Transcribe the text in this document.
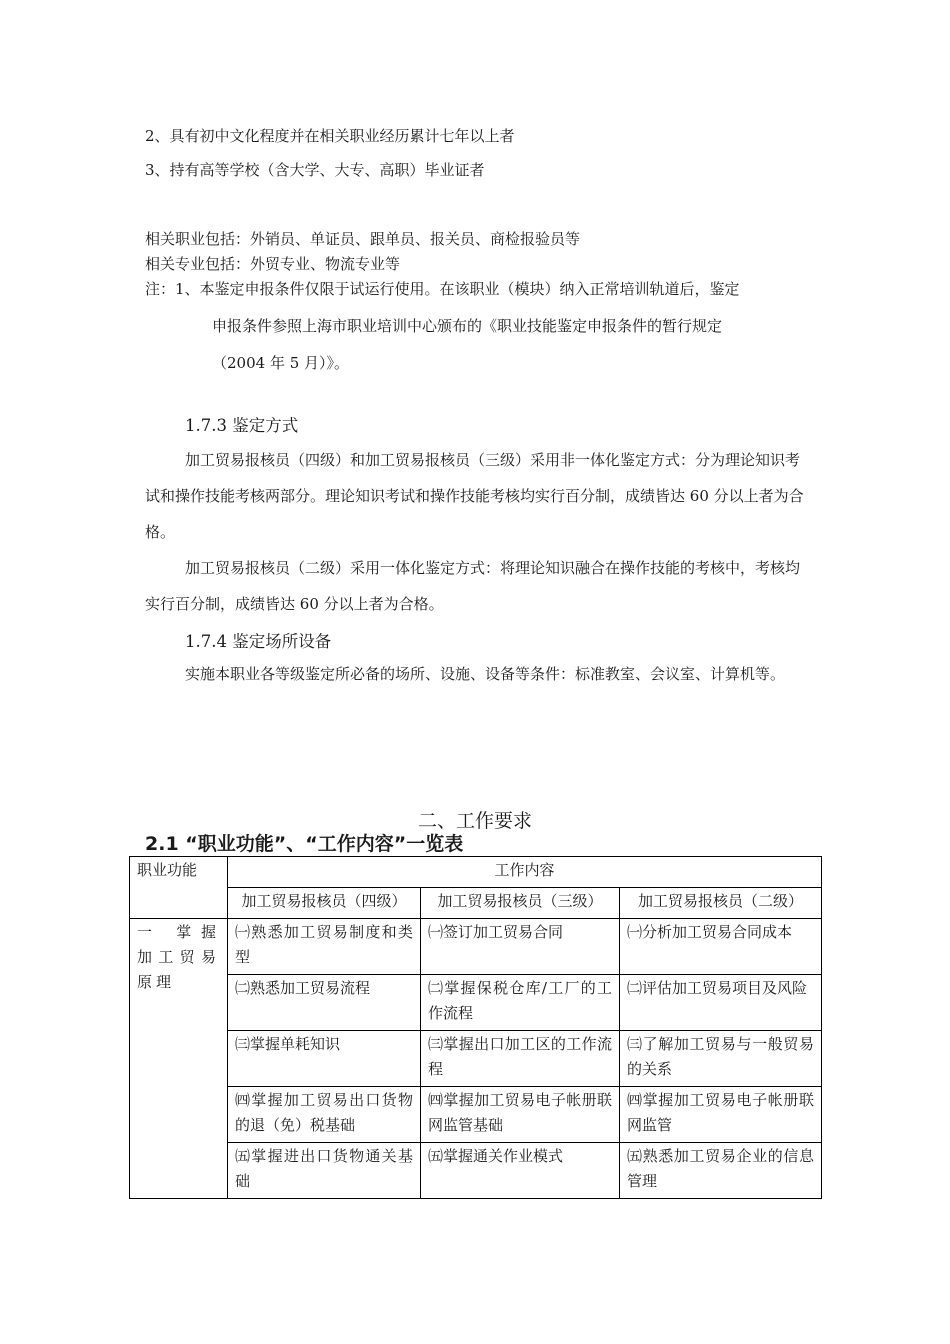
2、具有初中文化程度并在相关职业经历累计七年以上者
3、持有高等学校（含大学、大专、高职）毕业证者
相关职业包括：外销员、单证员、跟单员、报关员、商检报验员等
相关专业包括：外贸专业、物流专业等
注：1、本鉴定申报条件仅限于试运行使用。在该职业（模块）纳入正常培训轨道后，鉴定
申报条件参照上海市职业培训中心颁布的《职业技能鉴定申报条件的暂行规定
（2004 年 5 月）》。
1.7.3 鉴定方式
加工贸易报核员（四级）和加工贸易报核员（三级）采用非一体化鉴定方式：分为理论知识考试和操作技能考核两部分。理论知识考试和操作技能考核均实行百分制，成绩皆达 60 分以上者为合格。
加工贸易报核员（二级）采用一体化鉴定方式：将理论知识融合在操作技能的考核中，考核均实行百分制，成绩皆达 60 分以上者为合格。
1.7.4 鉴定场所设备
实施本职业各等级鉴定所必备的场所、设施、设备等条件：标准教室、会议室、计算机等。
二、工作要求
2.1 “职业功能”、“工作内容”一览表
职业功能	工作内容		
	加工贸易报核员（四级）	加工贸易报核员（三级）	加工贸易报核员（二级）
一 掌握加工贸易原理	㈠熟悉加工贸易制度和类型	㈠签订加工贸易合同	㈠分析加工贸易合同成本
	㈡熟悉加工贸易流程	㈡掌握保税仓库/工厂的工作流程	㈡评估加工贸易项目及风险
	㈢掌握单耗知识	㈢掌握出口加工区的工作流程	㈢了解加工贸易与一般贸易的关系
	㈣掌握加工贸易出口货物的退（免）税基础	㈣掌握加工贸易电子帐册联网监管基础	㈣掌握加工贸易电子帐册联网监管
	㈤掌握进出口货物通关基础	㈤掌握通关作业模式	㈤熟悉加工贸易企业的信息管理
